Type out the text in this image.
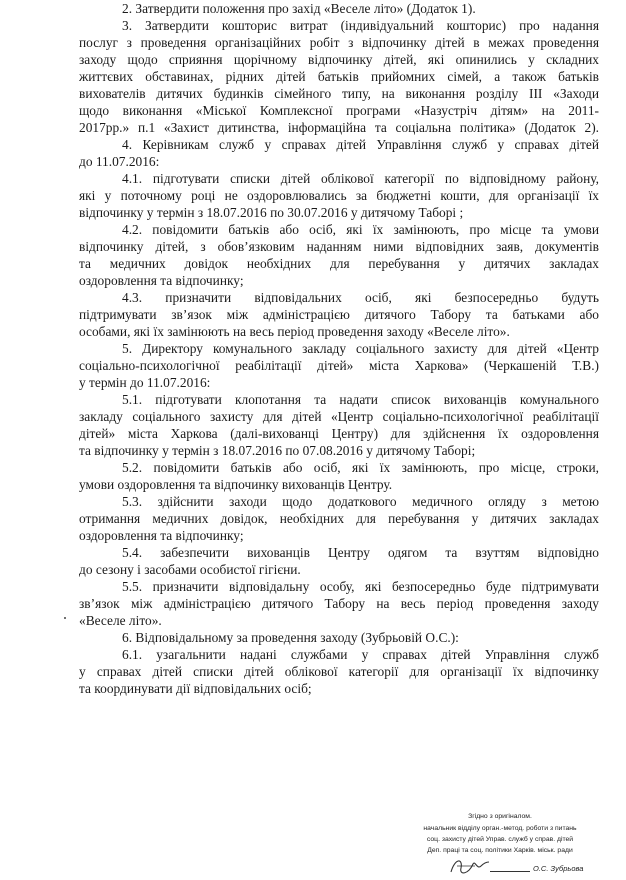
2. Затвердити положення про захід «Веселе літо» (Додаток 1).
3. Затвердити кошторис витрат (індивідуальний кошторис) про надання
послуг з проведення організаційних робіт з відпочинку дітей в межах проведення
заходу щодо сприяння щорічному відпочинку дітей, які опинились у складних
життєвих обставинах, рідних дітей батьків прийомних сімей, а також батьків
вихователів дитячих будинків сімейного типу, на виконання розділу ІІІ «Заходи
щодо виконання «Міської Комплексної програми «Назустріч дітям» на 2011-
2017рр.» п.1 «Захист дитинства, інформаційна та соціальна політика» (Додаток 2).
4. Керівникам служб у справах дітей Управління служб у справах дітей
до 11.07.2016:
4.1. підготувати списки дітей облікової категорії по відповідному району,
які у поточному році не оздоровлювались за бюджетні кошти, для організації їх
відпочинку у термін з 18.07.2016 по 30.07.2016 у дитячому Таборі ;
4.2. повідомити батьків або осіб, які їх замінюють, про місце та умови
відпочинку дітей, з обов’язковим наданням ними відповідних заяв, документів
та медичних довідок необхідних для перебування у дитячих закладах
оздоровлення та відпочинку;
4.3. призначити відповідальних осіб, які безпосередньо будуть
підтримувати зв’язок між адміністрацією дитячого Табору та батьками або
особами, які їх замінюють на весь період проведення заходу «Веселе літо».
5. Директору комунального закладу соціального захисту для дітей «Центр
соціально-психологічної реабілітації дітей» міста Харкова» (Черкашеній Т.В.)
у термін до 11.07.2016:
5.1. підготувати клопотання та надати список вихованців комунального
закладу соціального захисту для дітей «Центр соціально-психологічної реабілітації
дітей» міста Харкова (далі-вихованці Центру) для здійснення їх оздоровлення
та відпочинку у термін з 18.07.2016 по 07.08.2016 у дитячому Таборі;
5.2. повідомити батьків або осіб, які їх замінюють, про місце, строки,
умови оздоровлення та відпочинку вихованців Центру.
5.3. здійснити заходи щодо додаткового медичного огляду з метою
отримання медичних довідок, необхідних для перебування у дитячих закладах
оздоровлення та відпочинку;
5.4. забезпечити вихованців Центру одягом та взуттям відповідно
до сезону і засобами особистої гігієни.
5.5. призначити відповідальну особу, які безпосередньо буде підтримувати
зв’язок між адміністрацією дитячого Табору на весь період проведення заходу
«Веселе літо».
6. Відповідальному за проведення заходу (Зубрьовій О.С.):
6.1. узагальнити надані службами у справах дітей Управління служб
у справах дітей списки дітей облікової категорії для організації їх відпочинку
та координувати дії відповідальних осіб;
Згідно з оригіналом.
начальник відділу орган.-метод. роботи з питань
соц. захисту дітей Управ. служб у справ. дітей
Деп. праці та соц. політики Харків. міськ. ради
О.С. Зубрьова
